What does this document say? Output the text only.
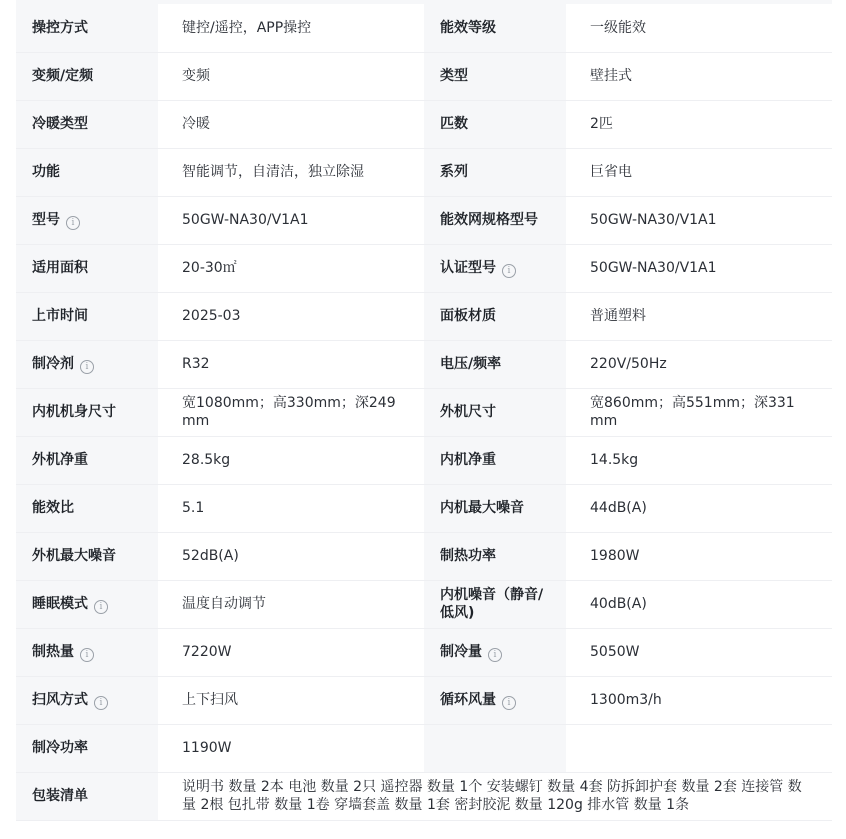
操控方式	键控/遥控，APP操控	能效等级	一级能效
变频/定频	变频	类型	壁挂式
冷暖类型	冷暖	匹数	2匹
功能	智能调节，自清洁，独立除湿	系列	巨省电
型号 i	50GW-NA30/V1A1	能效网规格型号	50GW-NA30/V1A1
适用面积	20-30㎡	认证型号 i	50GW-NA30/V1A1
上市时间	2025-03	面板材质	普通塑料
制冷剂 i	R32	电压/频率	220V/50Hz
内机机身尺寸	宽1080mm；高330mm；深249mm	外机尺寸	宽860mm；高551mm；深331mm
外机净重	28.5kg	内机净重	14.5kg
能效比	5.1	内机最大噪音	44dB(A)
外机最大噪音	52dB(A)	制热功率	1980W
睡眠模式 i	温度自动调节	内机噪音（静音/低风)	40dB(A)
制热量 i	7220W	制冷量 i	5050W
扫风方式 i	上下扫风	循环风量 i	1300m3/h
制冷功率	1190W		
包装清单	说明书 数量 2本 电池 数量 2只 遥控器 数量 1个 安装螺钉 数量 4套 防拆卸护套 数量 2套 连接管 数量 2根 包扎带 数量 1卷 穿墙套盖 数量 1套 密封胶泥 数量 120g 排水管 数量 1条		
